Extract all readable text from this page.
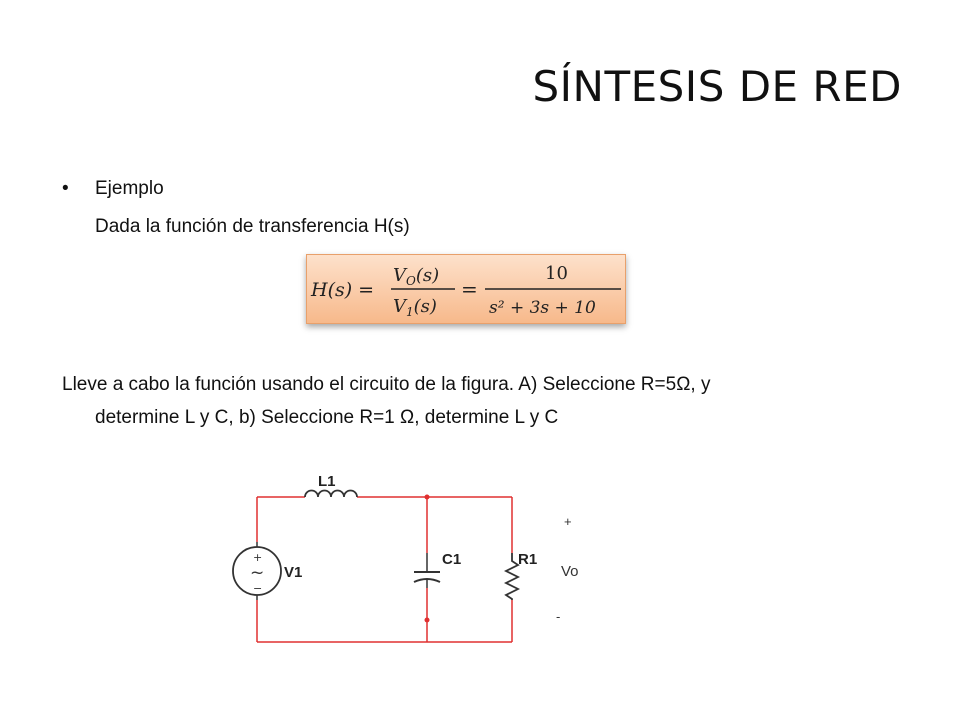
SÍNTESIS DE RED
• Ejemplo
Dada la función de transferencia H(s)
H(s) =
$V_O(s)$
$V_1(s)$
=
10
s² + 3s + 10
Lleve a cabo la función usando el circuito de la figura. A) Seleccione R=5Ω, y
determine L y C, b) Seleccione R=1 Ω, determine L y C
L1
+
~
−
V1
C1	R1
+
Vo
-
